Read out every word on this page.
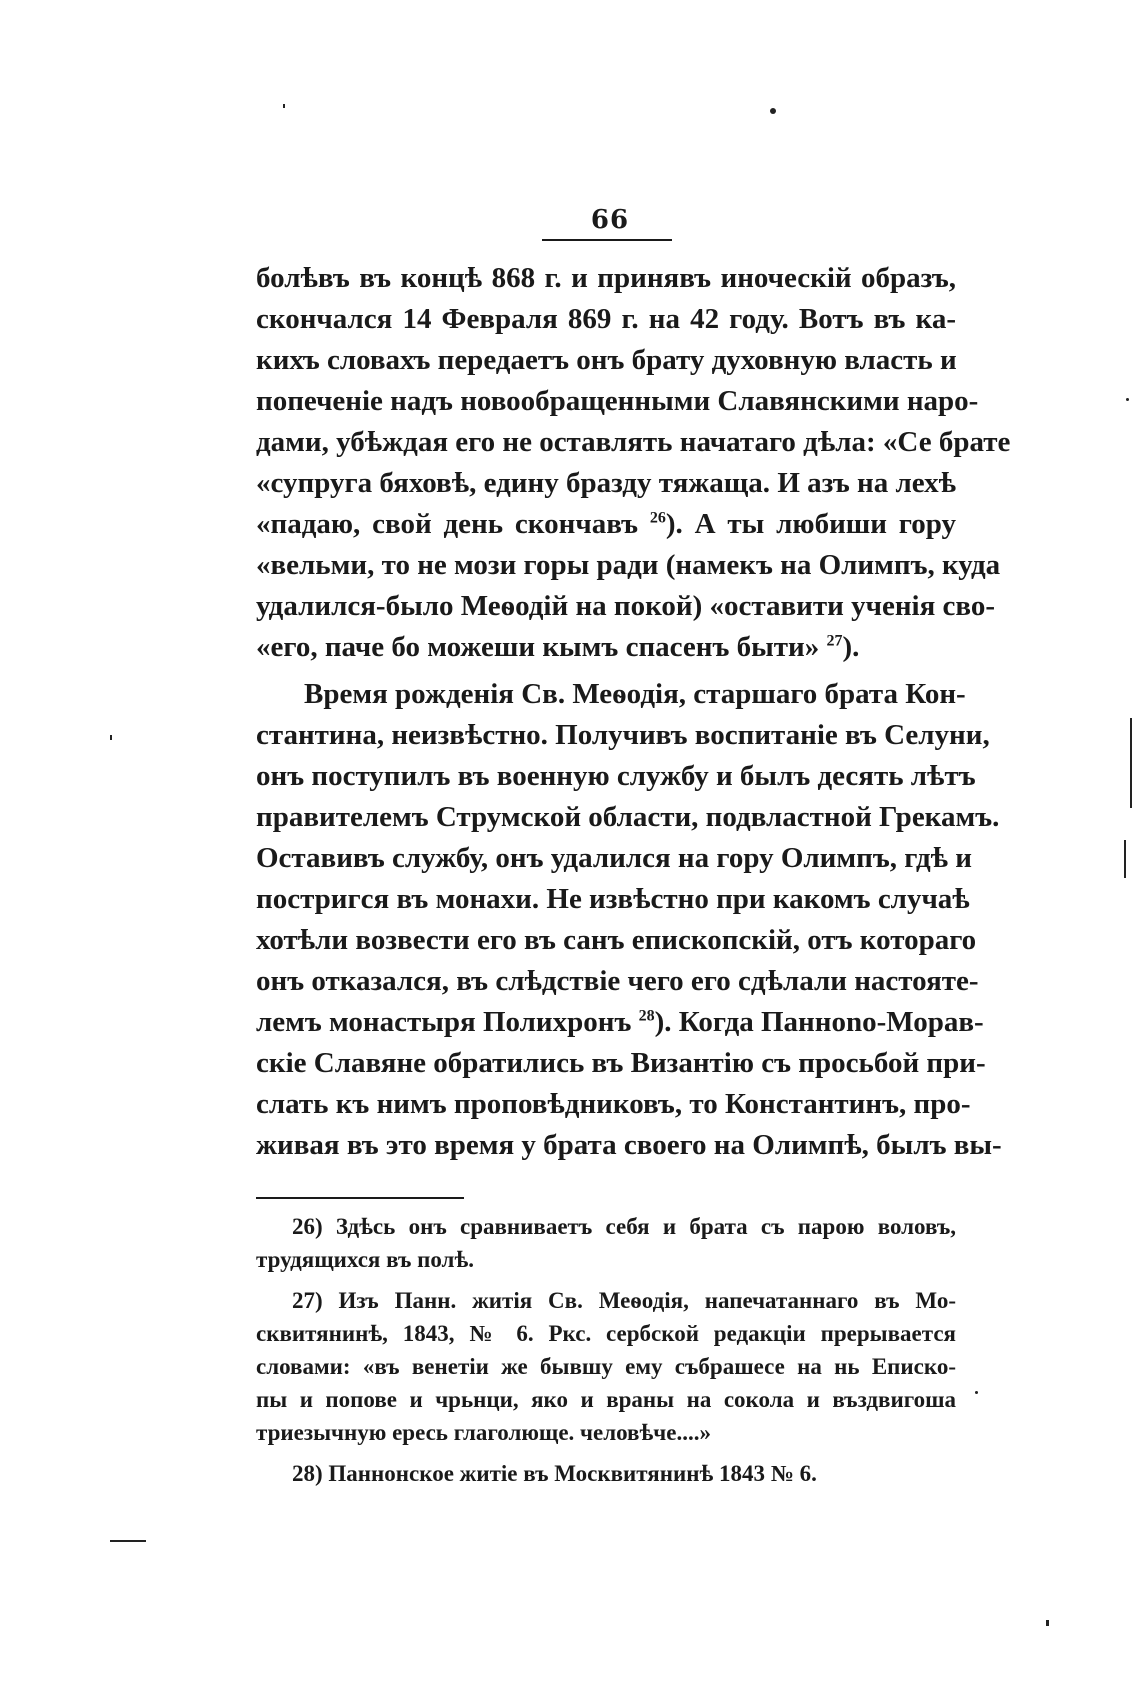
66
болѣвъ въ концѣ 868 г. и принявъ иноческій образъ,
скончался 14 Февраля 869 г. на 42 году. Вотъ въ ка-
кихъ словахъ передаетъ онъ брату духовную власть и
попеченіе надъ новообращенными Славянскими наро-
дами, убѣждая его не оставлять начатаго дѣла: «Се брате
«супруга бяховѣ, едину бразду тяжаща. И азъ на лехѣ
«падаю, свой день скончавъ $^{26}$). А ты любиши гору
«вельми, то не мози горы ради (намекъ на Олимпъ, куда
удалился-было Меѳодій на покой) «оставити ученія сво-
«его, паче бо можеши кымъ спасенъ быти» $^{27}$).
Время рожденія Св. Меѳодія, старшаго брата Кон-
стантина, неизвѣстно. Получивъ воспитаніе въ Селуни,
онъ поступилъ въ военную службу и былъ десять лѣтъ
правителемъ Струмской области, подвластной Грекамъ.
Оставивъ службу, онъ удалился на гору Олимпъ, гдѣ и
постригся въ монахи. Не извѣстно при какомъ случаѣ
хотѣли возвести его въ санъ епископскій, отъ котораго
онъ отказался, въ слѣдствіе чего его сдѣлали настояте-
лемъ монастыря Полихронъ $^{28}$). Когда Паннono-Морав-
скіе Славяне обратились въ Византію съ просьбой при-
слать къ нимъ проповѣдниковъ, то Константинъ, про-
живая въ это время у брата своего на Олимпѣ, былъ вы-
26) Здѣсь онъ сравниваетъ себя и брата съ парою воловъ,
трудящихся въ полѣ.
27) Изъ Панн. житія Св. Меѳодія, напечатаннаго въ Мо-
сквитянинѣ, 1843, № 6. Ркс. сербской редакціи прерывается
словами: «въ венетіи же бывшу ему събрашесе на нь Еписко-
пы и попове и чрьнци, яко и враны на сокола и въздвигоша
триезычную ересь глаголюще. человѣче....»
28) Паннонское житіе въ Москвитянинѣ 1843 № 6.
